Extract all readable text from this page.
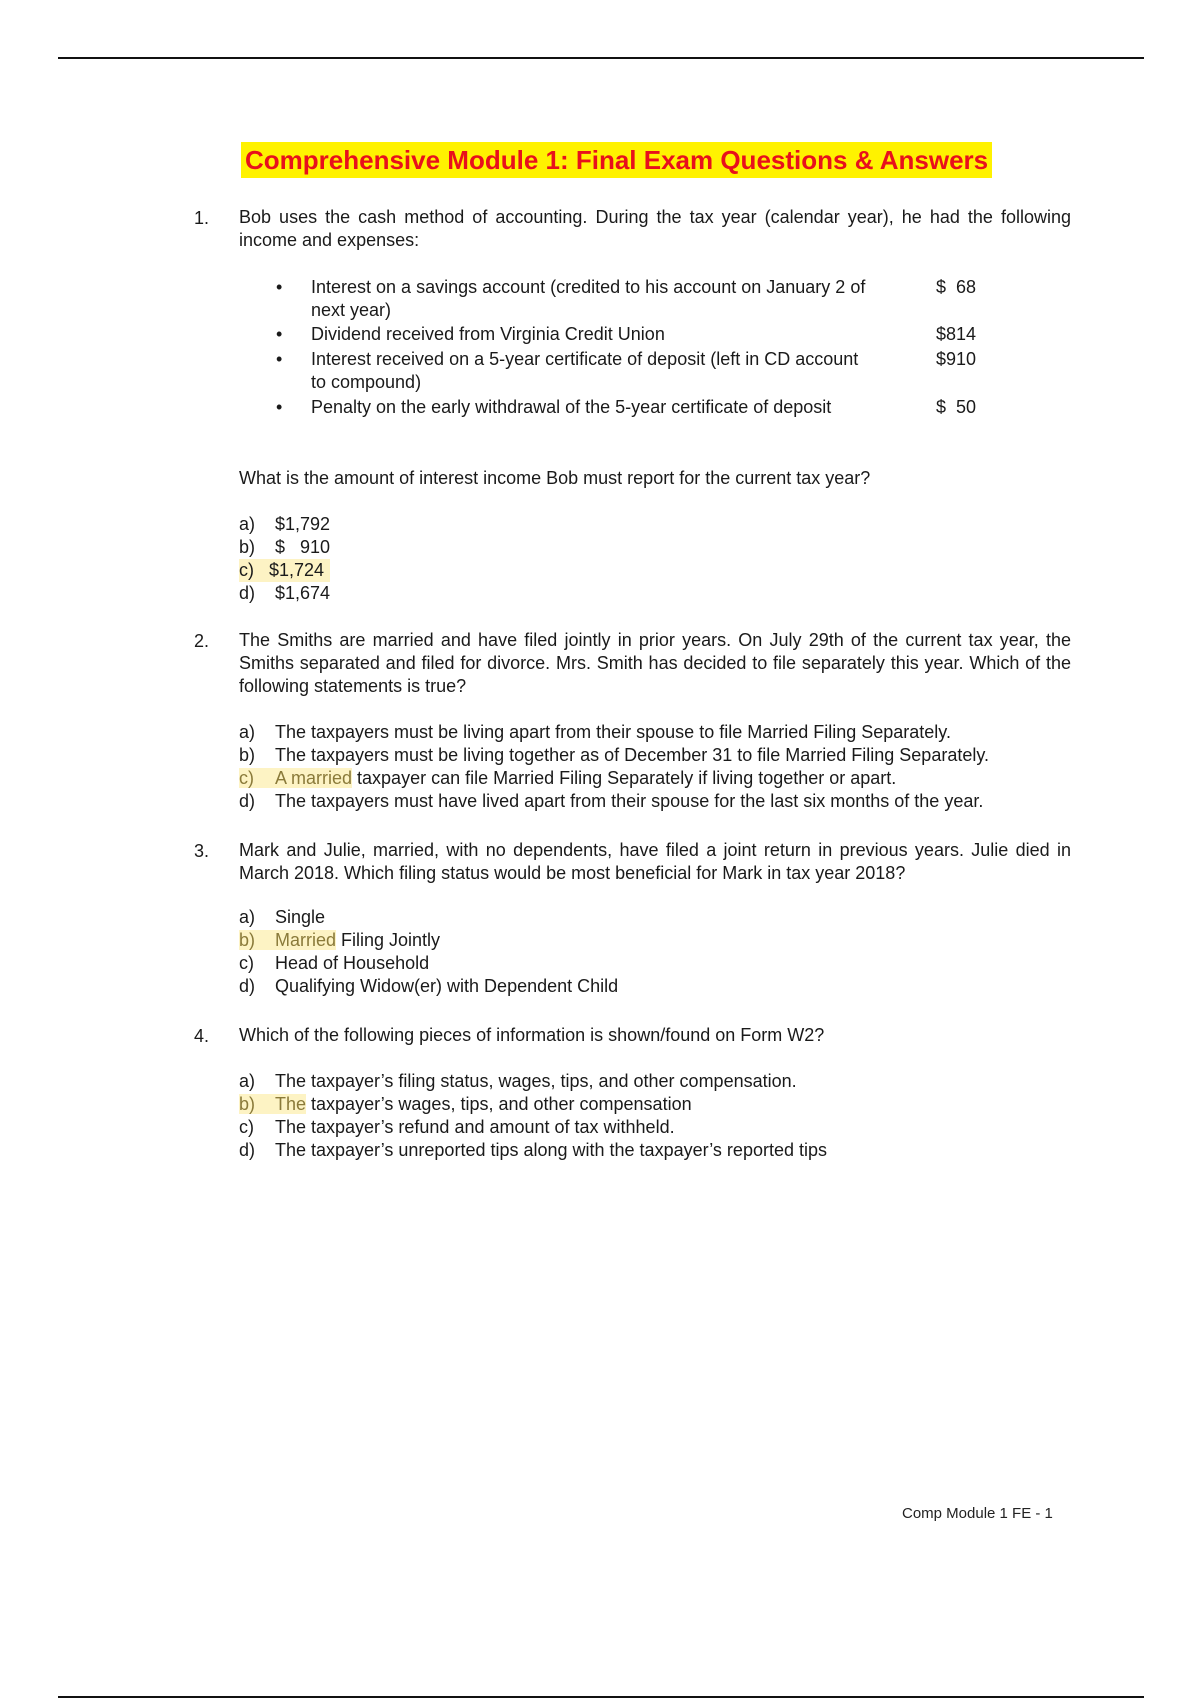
Comprehensive Module 1: Final Exam Questions & Answers
1. Bob uses the cash method of accounting. During the tax year (calendar year), he had the following income and expenses:
• Interest on a savings account (credited to his account on January 2 of next year)
$  68
• Dividend received from Virginia Credit Union	$814
• Interest received on a 5-year certificate of deposit (left in CD account to compound)
$910
• Penalty on the early withdrawal of the 5-year certificate of deposit	$  50
What is the amount of interest income Bob must report for the current tax year?
a) $1,792
b) $   910
c) $1,724
d) $1,674
2. The Smiths are married and have filed jointly in prior years. On July 29th of the current tax year, the Smiths separated and filed for divorce. Mrs. Smith has decided to file separately this year. Which of the following statements is true?
a) The taxpayers must be living apart from their spouse to file Married Filing Separately.
b) The taxpayers must be living together as of December 31 to file Married Filing Separately.
c) A married taxpayer can file Married Filing Separately if living together or apart.
d) The taxpayers must have lived apart from their spouse for the last six months of the year.
3. Mark and Julie, married, with no dependents, have filed a joint return in previous years. Julie died in March 2018. Which filing status would be most beneficial for Mark in tax year 2018?
a) Single
b) Married Filing Jointly
c) Head of Household
d) Qualifying Widow(er) with Dependent Child
4. Which of the following pieces of information is shown/found on Form W2?
a) The taxpayer’s filing status, wages, tips, and other compensation.
b) The taxpayer’s wages, tips, and other compensation
c) The taxpayer’s refund and amount of tax withheld.
d) The taxpayer’s unreported tips along with the taxpayer’s reported tips
Comp Module 1 FE - 1
